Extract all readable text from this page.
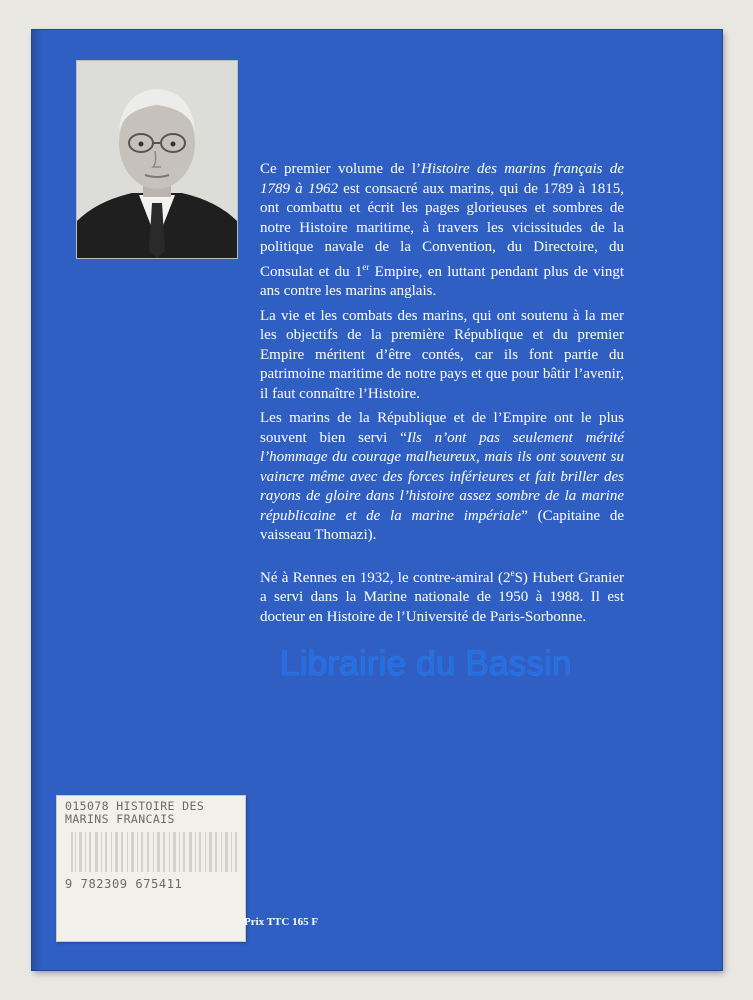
Ce premier volume de l’Histoire des marins français de 1789 à 1962 est consacré aux marins, qui de 1789 à 1815, ont combattu et écrit les pages glorieuses et sombres de notre Histoire maritime, à travers les vicissitudes de la politique navale de la Convention, du Directoire, du Consulat et du 1er Empire, en luttant pendant plus de vingt ans contre les marins anglais.

La vie et les combats des marins, qui ont soutenu à la mer les objectifs de la première République et du premier Empire méritent d’être contés, car ils font partie du patrimoine maritime de notre pays et que pour bâtir l’avenir, il faut connaître l’Histoire.

Les marins de la République et de l’Empire ont le plus souvent bien servi “Ils n’ont pas seulement mérité l’hommage du courage malheureux, mais ils ont souvent su vaincre même avec des forces inférieures et fait briller des rayons de gloire dans l’histoire assez sombre de la marine républicaine et de la marine impériale” (Capitaine de vaisseau Thomazi).

Né à Rennes en 1932, le contre-amiral (2eS) Hubert Granier a servi dans la Marine nationale de 1950 à 1988. Il est docteur en Histoire de l’Université de Paris-Sorbonne.

Librairie du Bassin
015078 HISTOIRE DES
MARINS FRANCAIS
9 782309 675411
Prix TTC 165 F
